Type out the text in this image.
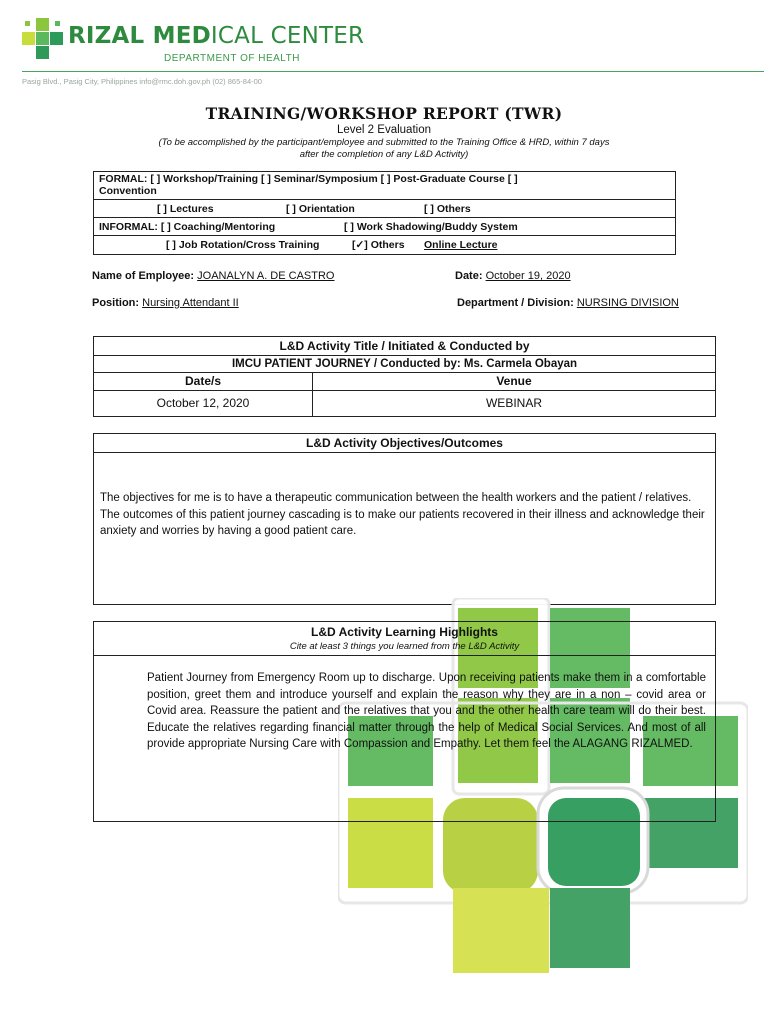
RIZAL MEDICAL CENTER
DEPARTMENT OF HEALTH
Pasig Blvd., Pasig City, Philippines info@rmc.doh.gov.ph (02) 865-84-00
TRAINING/WORKSHOP REPORT (TWR)
Level 2 Evaluation
(To be accomplished by the participant/employee and submitted to the Training Office & HRD, within 7 days
after the completion of any L&D Activity)
FORMAL: [ ] Workshop/Training [ ] Seminar/Symposium [ ] Post-Graduate Course [ ]
Convention
[ ] Lectures	[ ] Orientation	[ ] Others
INFORMAL: [ ] Coaching/Mentoring	[ ] Work Shadowing/Buddy System
[ ] Job Rotation/Cross Training	[✓] Others Online Lecture
Name of Employee: JOANALYN A. DE CASTRO	Date: October 19, 2020
Position: Nursing Attendant II	Department / Division: NURSING DIVISION
L&D Activity Title / Initiated & Conducted by
IMCU PATIENT JOURNEY / Conducted by: Ms. Carmela Obayan
Date/s	Venue
October 12, 2020	WEBINAR
L&D Activity Objectives/Outcomes
The objectives for me is to have a therapeutic communication between the health workers and the patient / relatives. The outcomes of this patient journey cascading is to make our patients recovered in their illness and acknowledge their anxiety and worries by having a good patient care.
L&D Activity Learning Highlights
Cite at least 3 things you learned from the L&D Activity
Patient Journey from Emergency Room up to discharge. Upon receiving patients make them in a comfortable position, greet them and introduce yourself and explain the reason why they are in a non – covid area or Covid area. Reassure the patient and the relatives that you and the other health care team will do their best. Educate the relatives regarding financial matter through the help of Medical Social Services. And most of all provide appropriate Nursing Care with Compassion and Empathy. Let them feel the ALAGANG RIZALMED.
